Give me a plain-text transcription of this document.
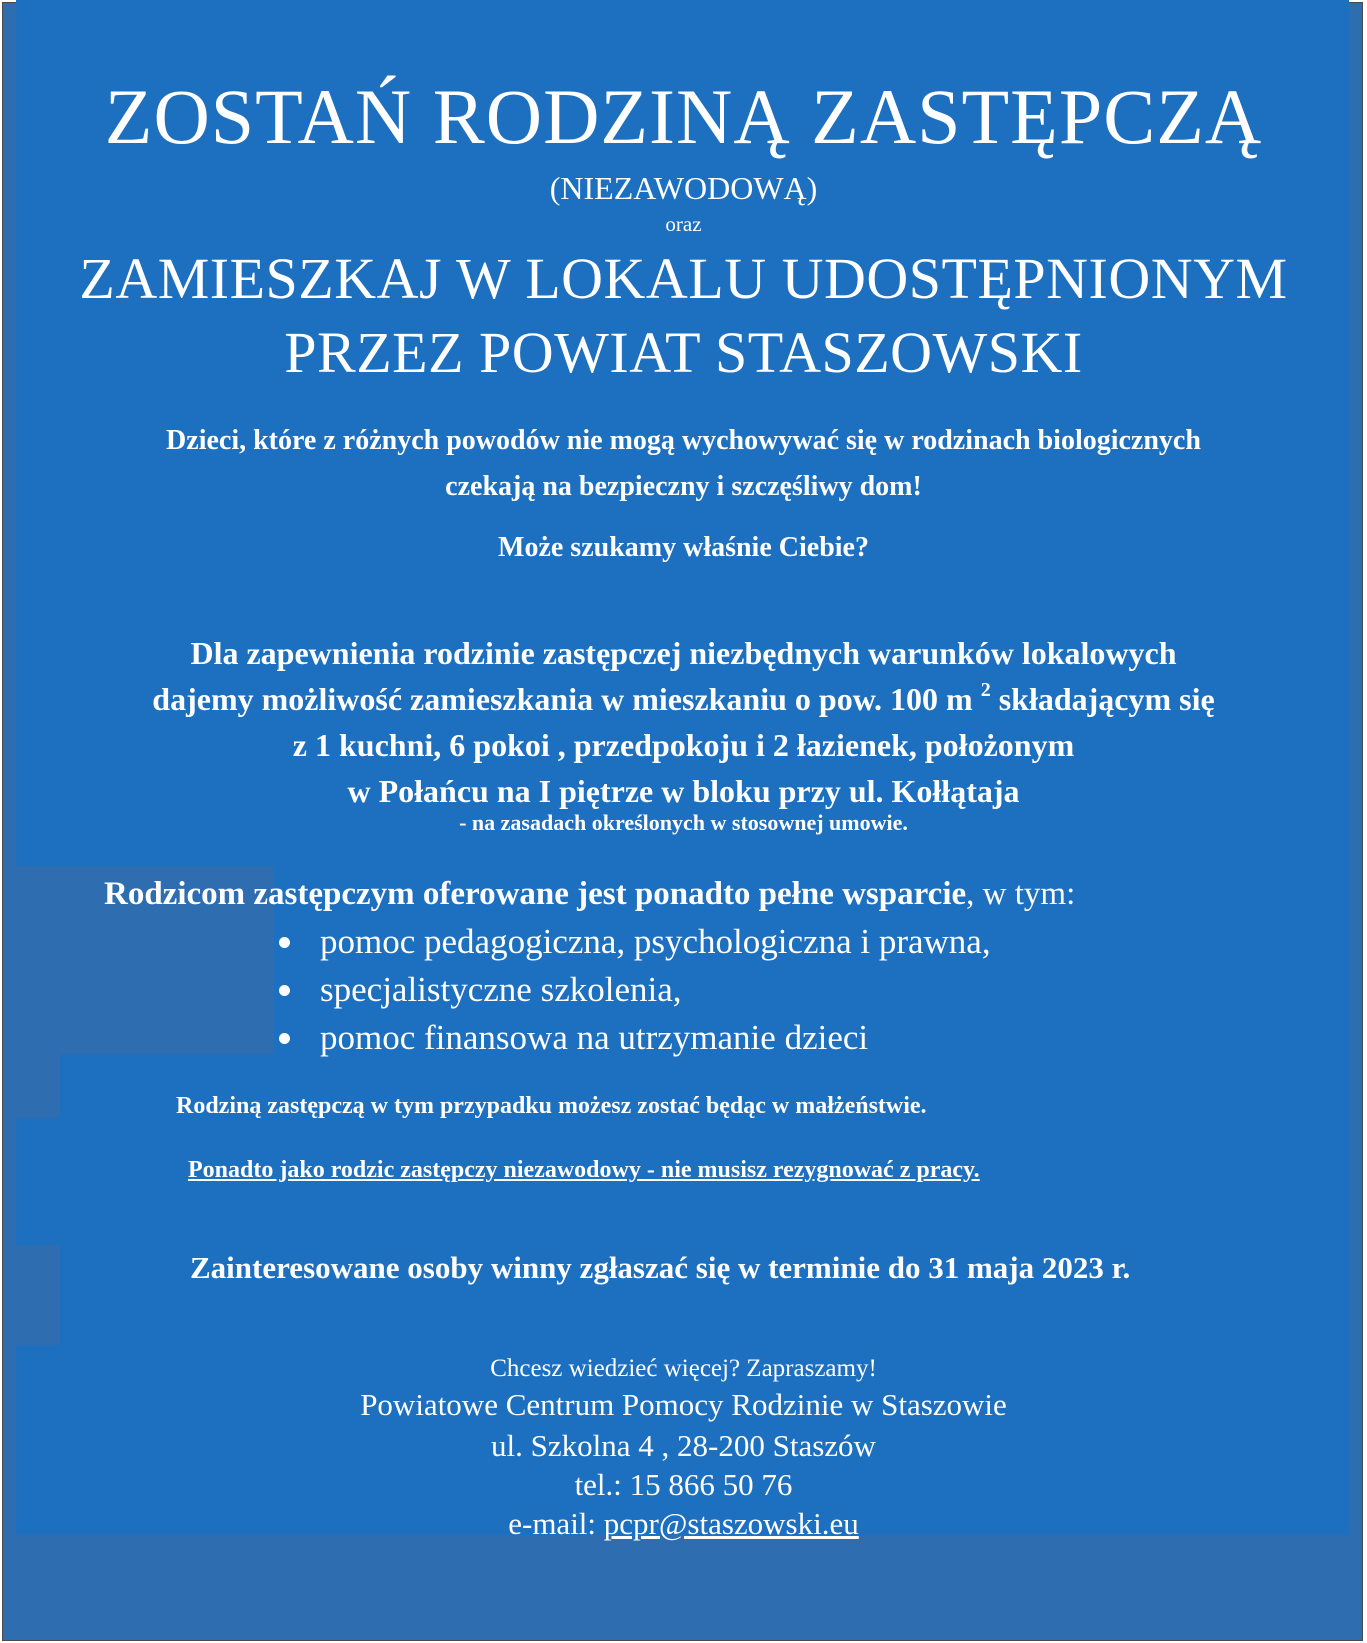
ZOSTAŃ RODZINĄ ZASTĘPCZĄ
(NIEZAWODOWĄ)
oraz
ZAMIESZKAJ W LOKALU UDOSTĘPNIONYM
PRZEZ POWIAT STASZOWSKI
Dzieci, które z różnych powodów nie mogą wychowywać się w rodzinach biologicznych
czekają na bezpieczny i szczęśliwy dom!
Może szukamy właśnie Ciebie?
Dla zapewnienia rodzinie zastępczej niezbędnych warunków lokalowych
dajemy możliwość zamieszkania w mieszkaniu o pow. 100 m $^2$ składającym się
z 1 kuchni, 6 pokoi , przedpokoju i 2 łazienek, położonym
w Połańcu na I piętrze w bloku przy ul. Kołłątaja
- na zasadach określonych w stosownej umowie.
Rodzicom zastępczym oferowane jest ponadto pełne wsparcie, w tym:
pomoc pedagogiczna, psychologiczna i prawna,
specjalistyczne szkolenia,
pomoc finansowa na utrzymanie dzieci
Rodziną zastępczą w tym przypadku możesz zostać będąc w małżeństwie.
Ponadto jako rodzic zastępczy niezawodowy - nie musisz rezygnować z pracy.
Zainteresowane osoby winny zgłaszać się w terminie do 31 maja 2023 r.
Chcesz wiedzieć więcej? Zapraszamy!
Powiatowe Centrum Pomocy Rodzinie w Staszowie
ul. Szkolna 4 , 28-200 Staszów
tel.: 15 866 50 76
e-mail: pcpr@staszowski.eu
